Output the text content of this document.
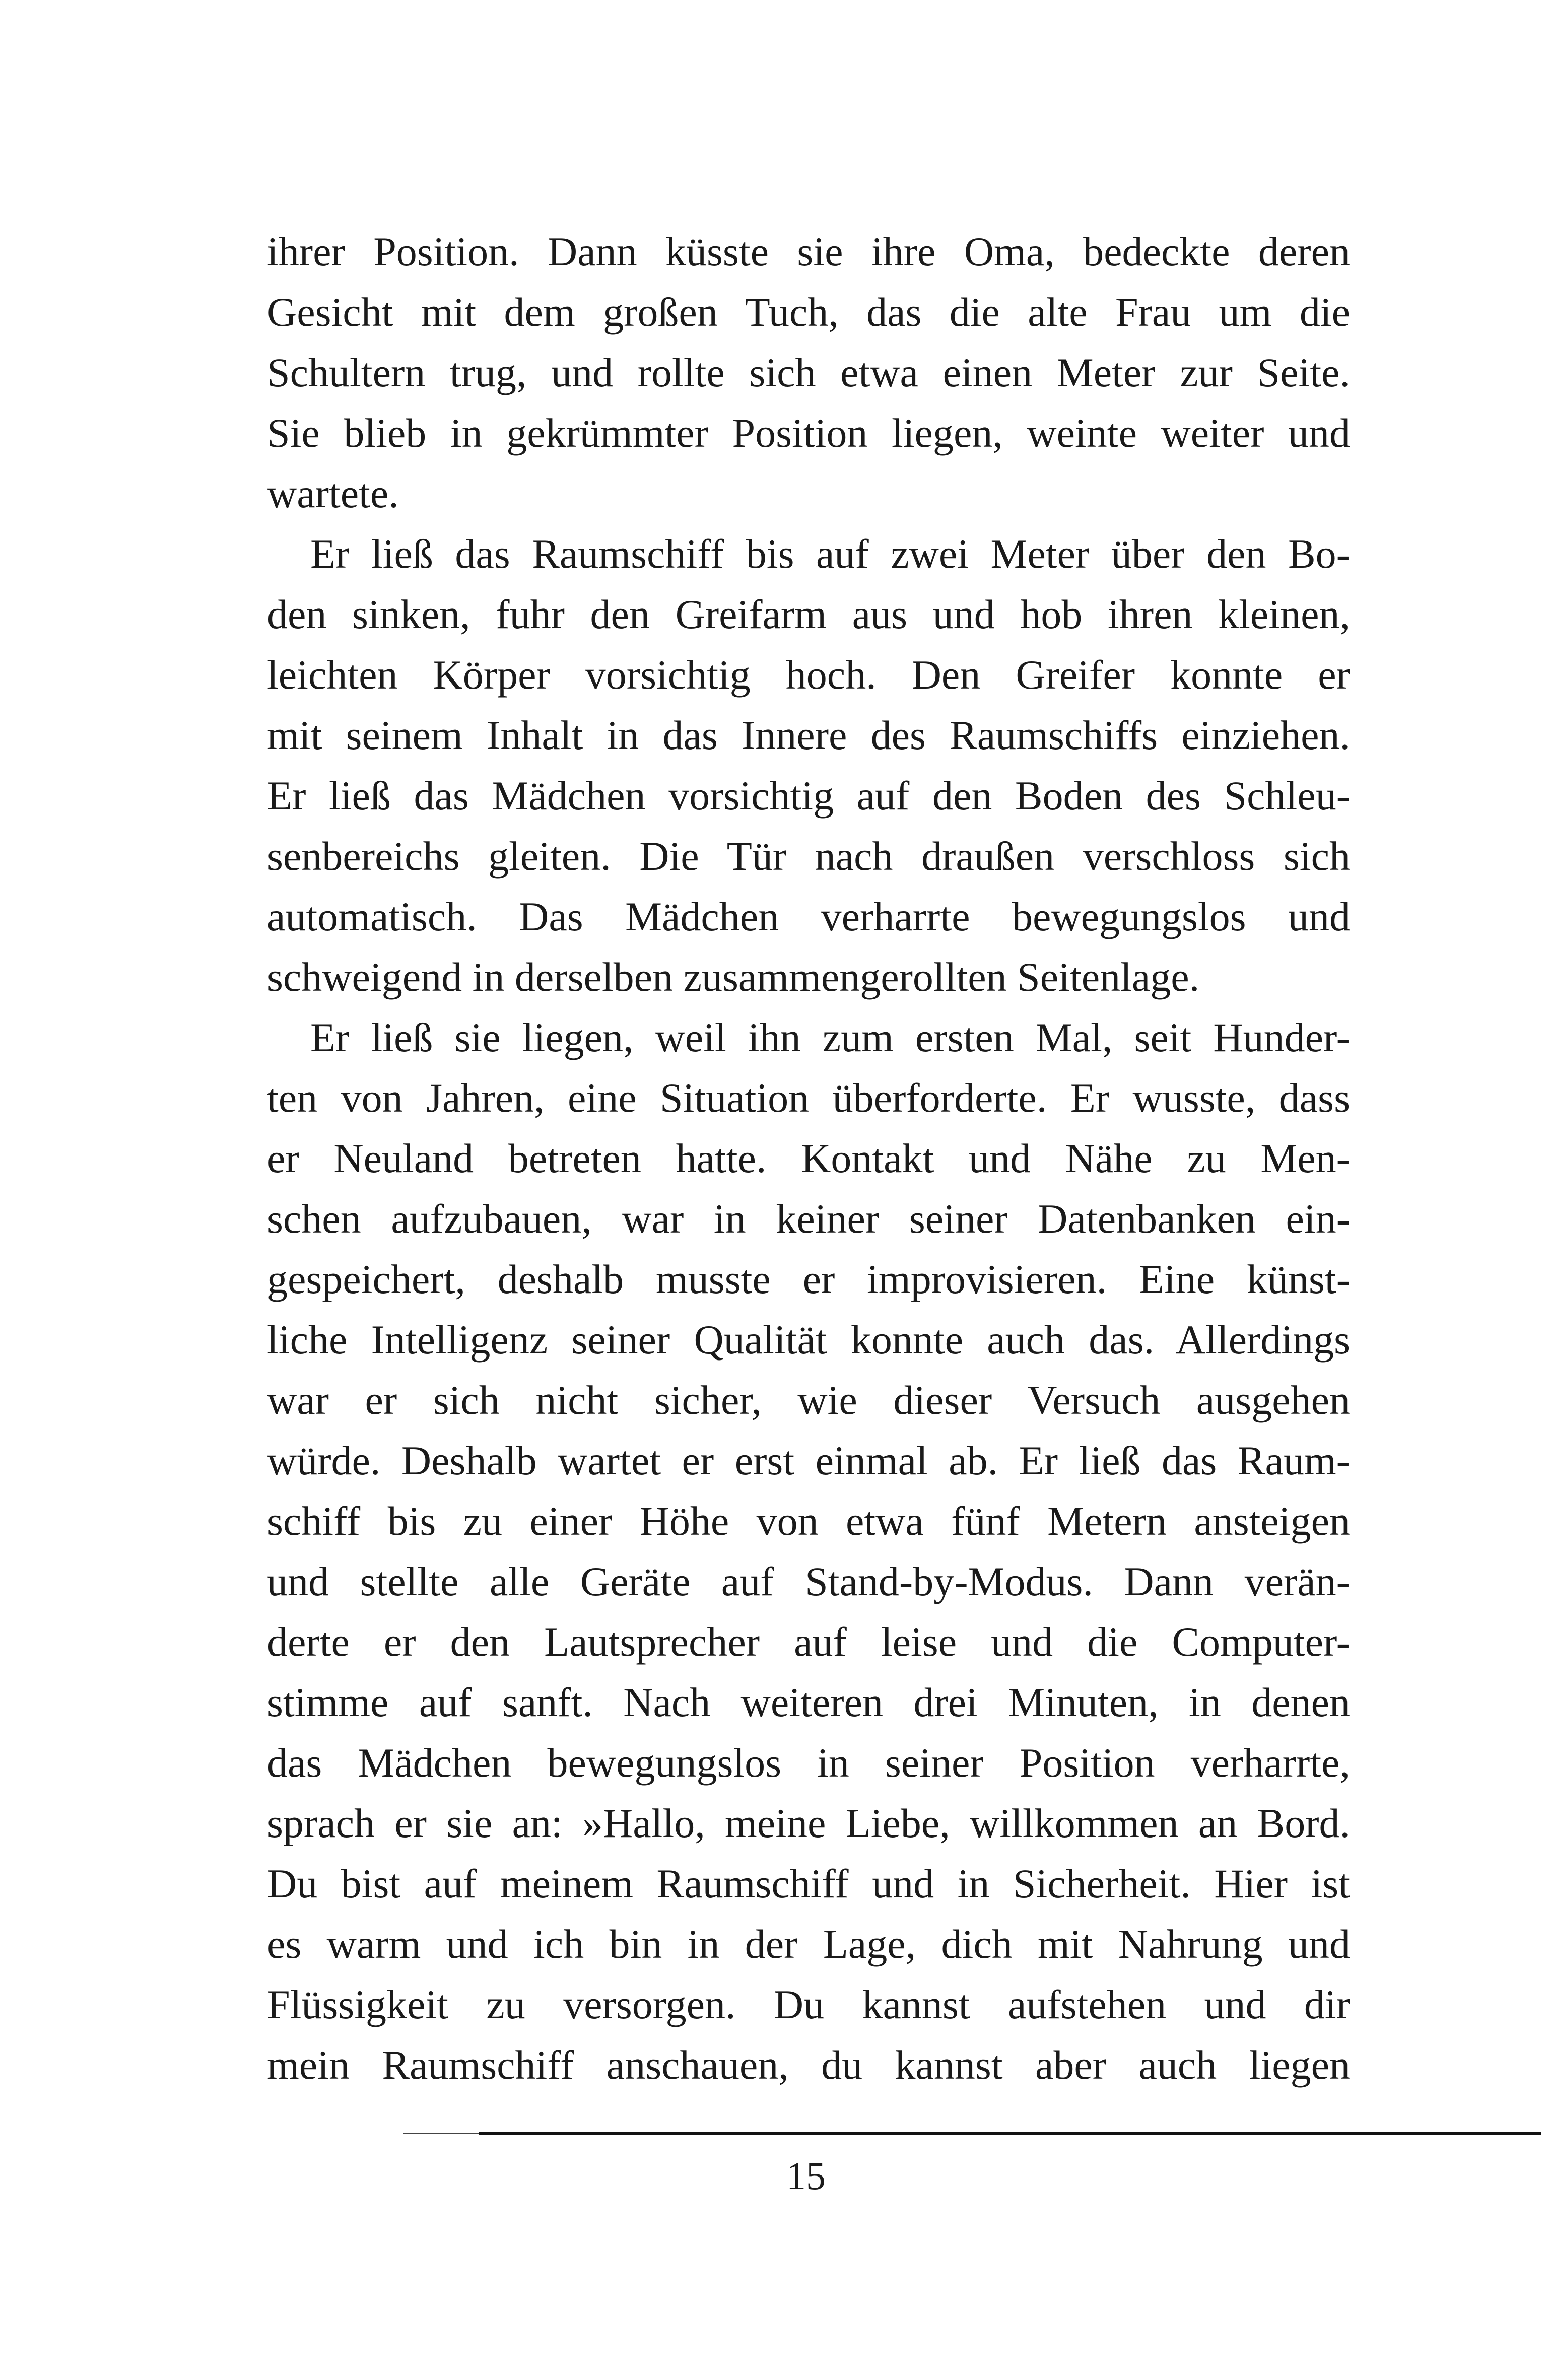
ihrer Position. Dann küsste sie ihre Oma, bedeckte deren
Gesicht mit dem großen Tuch, das die alte Frau um die
Schultern trug, und rollte sich etwa einen Meter zur Seite.
Sie blieb in gekrümmter Position liegen, weinte weiter und
wartete.
Er ließ das Raumschiff bis auf zwei Meter über den Bo-
den sinken, fuhr den Greifarm aus und hob ihren kleinen,
leichten Körper vorsichtig hoch. Den Greifer konnte er
mit seinem Inhalt in das Innere des Raumschiffs einziehen.
Er ließ das Mädchen vorsichtig auf den Boden des Schleu-
senbereichs gleiten. Die Tür nach draußen verschloss sich
automatisch. Das Mädchen verharrte bewegungslos und
schweigend in derselben zusammengerollten Seitenlage.
Er ließ sie liegen, weil ihn zum ersten Mal, seit Hunder-
ten von Jahren, eine Situation überforderte. Er wusste, dass
er Neuland betreten hatte. Kontakt und Nähe zu Men-
schen aufzubauen, war in keiner seiner Datenbanken ein-
gespeichert, deshalb musste er improvisieren. Eine künst-
liche Intelligenz seiner Qualität konnte auch das. Allerdings
war er sich nicht sicher, wie dieser Versuch ausgehen
würde. Deshalb wartet er erst einmal ab. Er ließ das Raum-
schiff bis zu einer Höhe von etwa fünf Metern ansteigen
und stellte alle Geräte auf Stand-by-Modus. Dann verän-
derte er den Lautsprecher auf leise und die Computer-
stimme auf sanft. Nach weiteren drei Minuten, in denen
das Mädchen bewegungslos in seiner Position verharrte,
sprach er sie an: »Hallo, meine Liebe, willkommen an Bord.
Du bist auf meinem Raumschiff und in Sicherheit. Hier ist
es warm und ich bin in der Lage, dich mit Nahrung und
Flüssigkeit zu versorgen. Du kannst aufstehen und dir
mein Raumschiff anschauen, du kannst aber auch liegen
15
